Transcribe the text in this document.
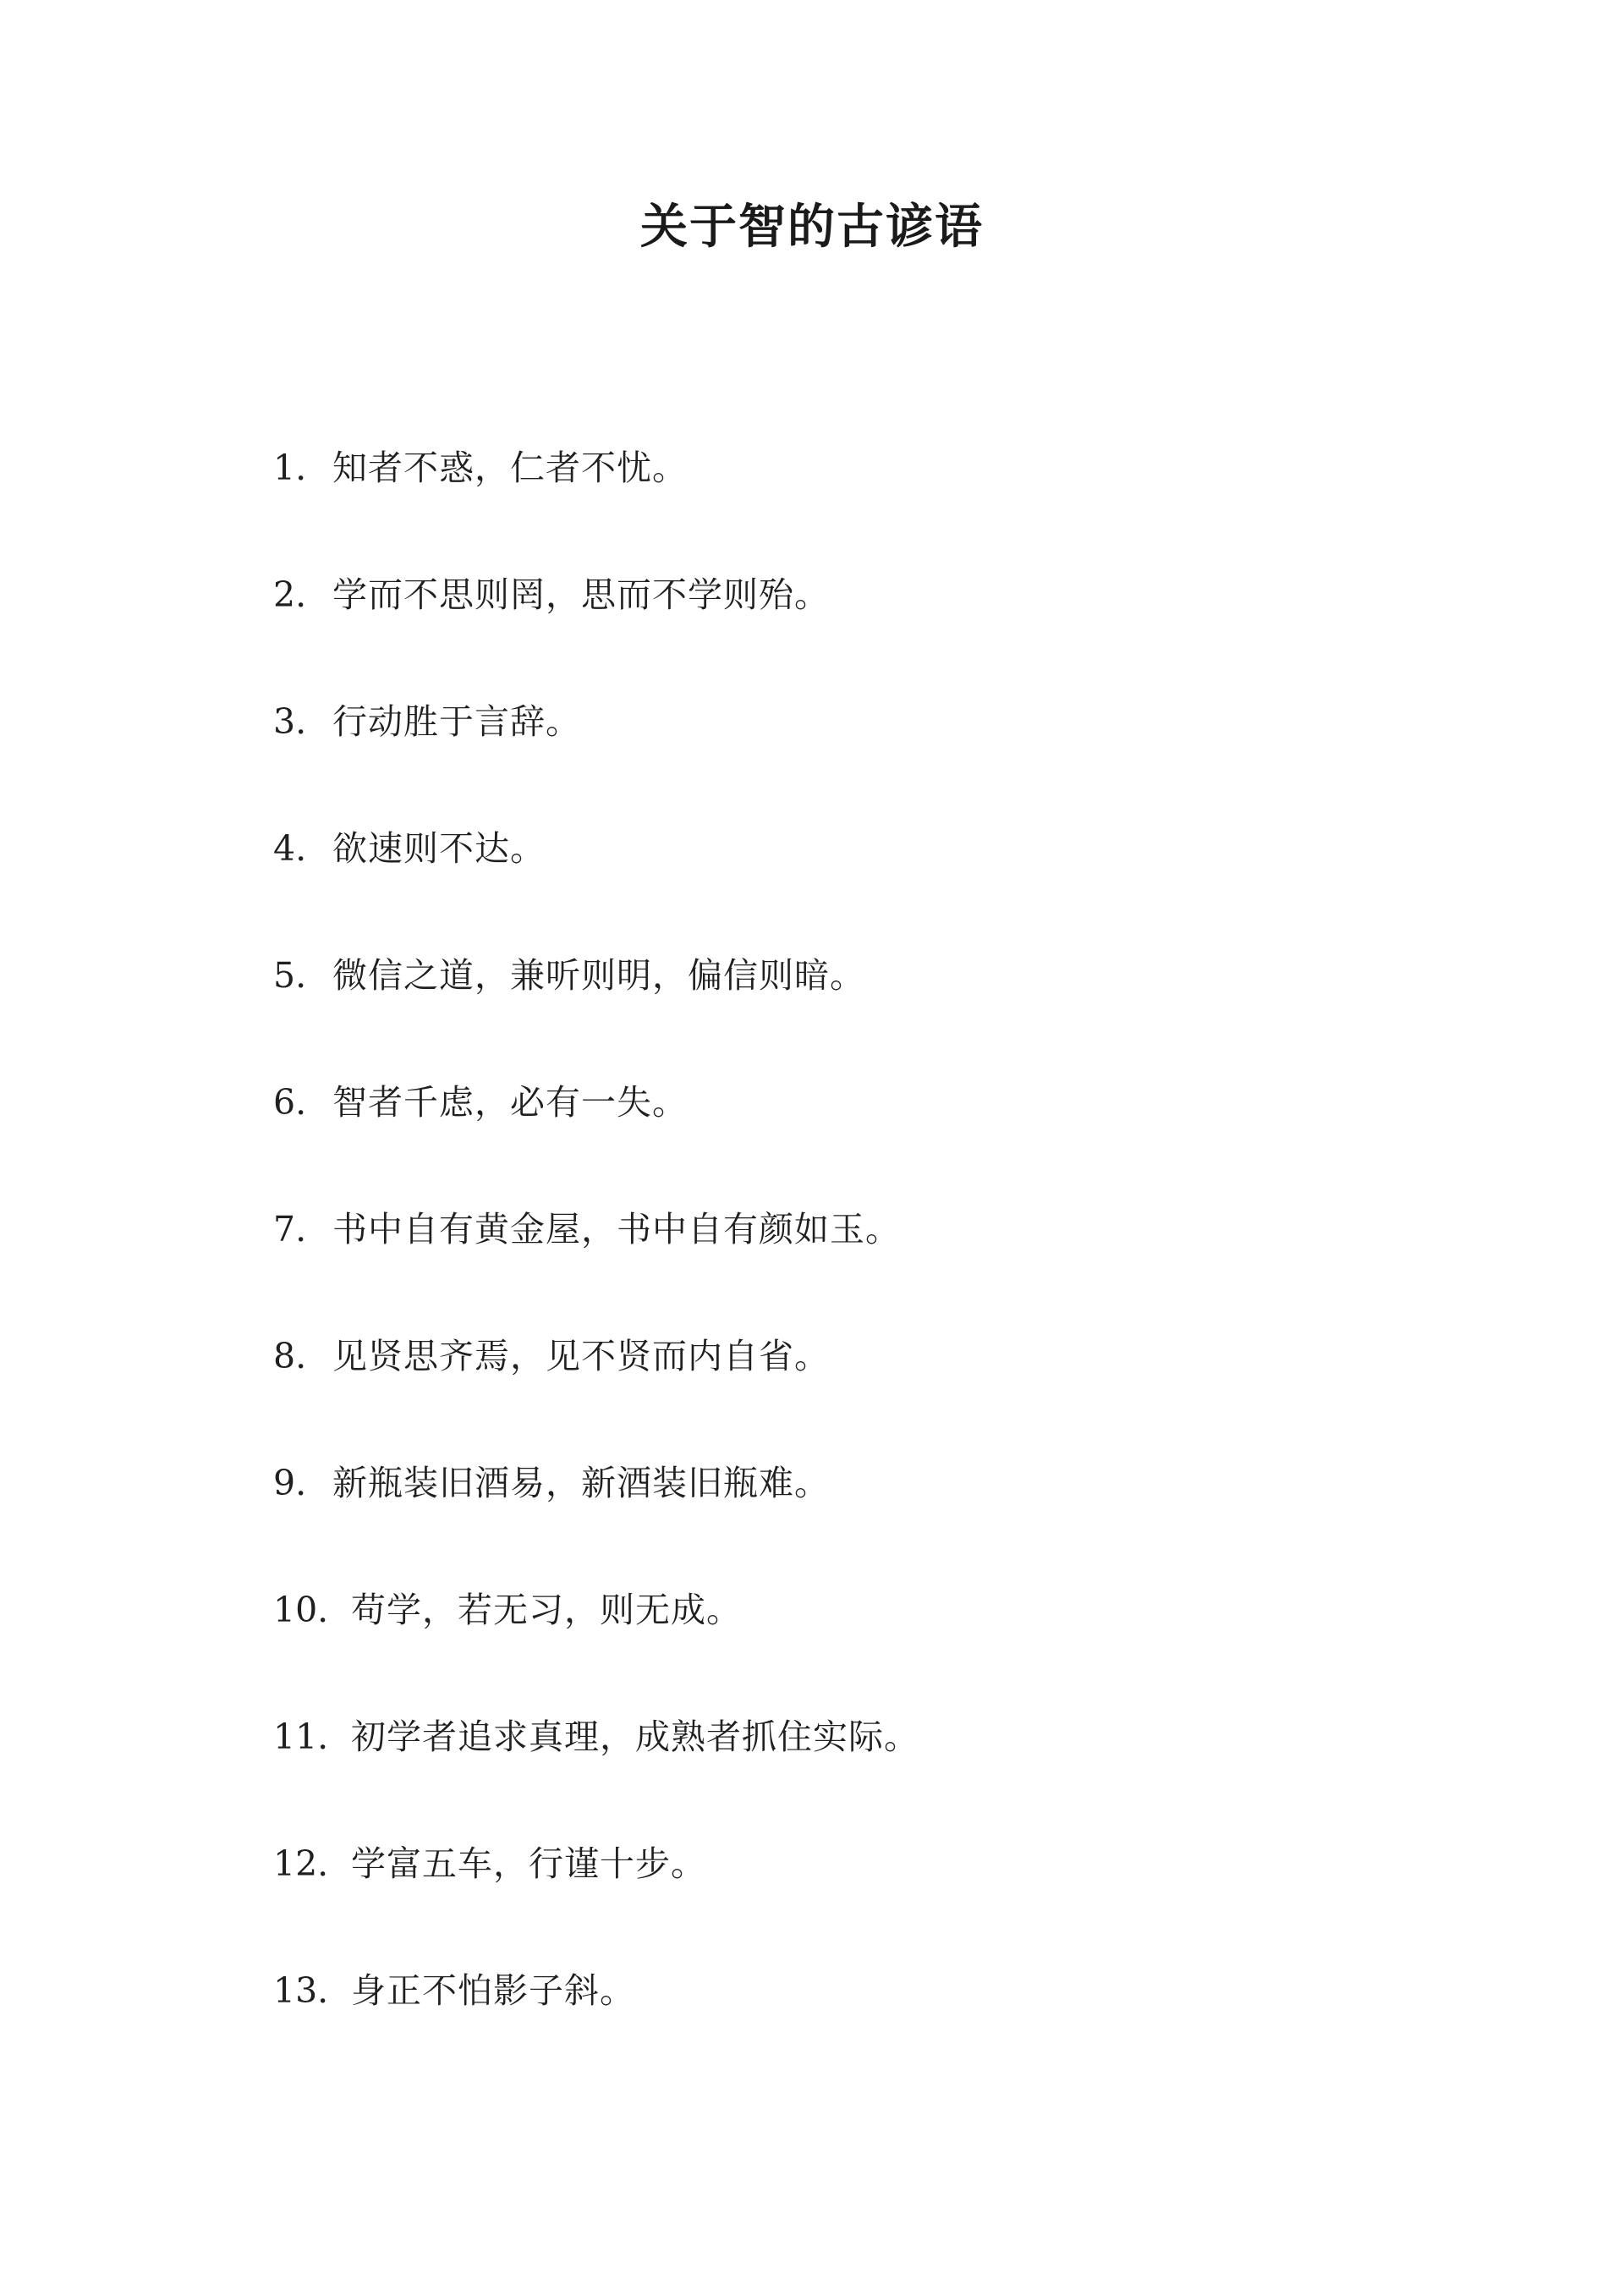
关于智的古谚语
1. 知者不惑，仁者不忧。
2. 学而不思则罔，思而不学则殆。
3. 行动胜于言辞。
4. 欲速则不达。
5. 微信之道，兼听则明，偏信则暗。
6. 智者千虑，必有一失。
7. 书中自有黄金屋，书中自有颜如玉。
8. 见贤思齐焉，见不贤而内自省。
9. 新瓶装旧酒易，新酒装旧瓶难。
10. 苟学，若无习，则无成。
11. 初学者追求真理，成熟者抓住实际。
12. 学富五车，行谨十步。
13. 身正不怕影子斜。
